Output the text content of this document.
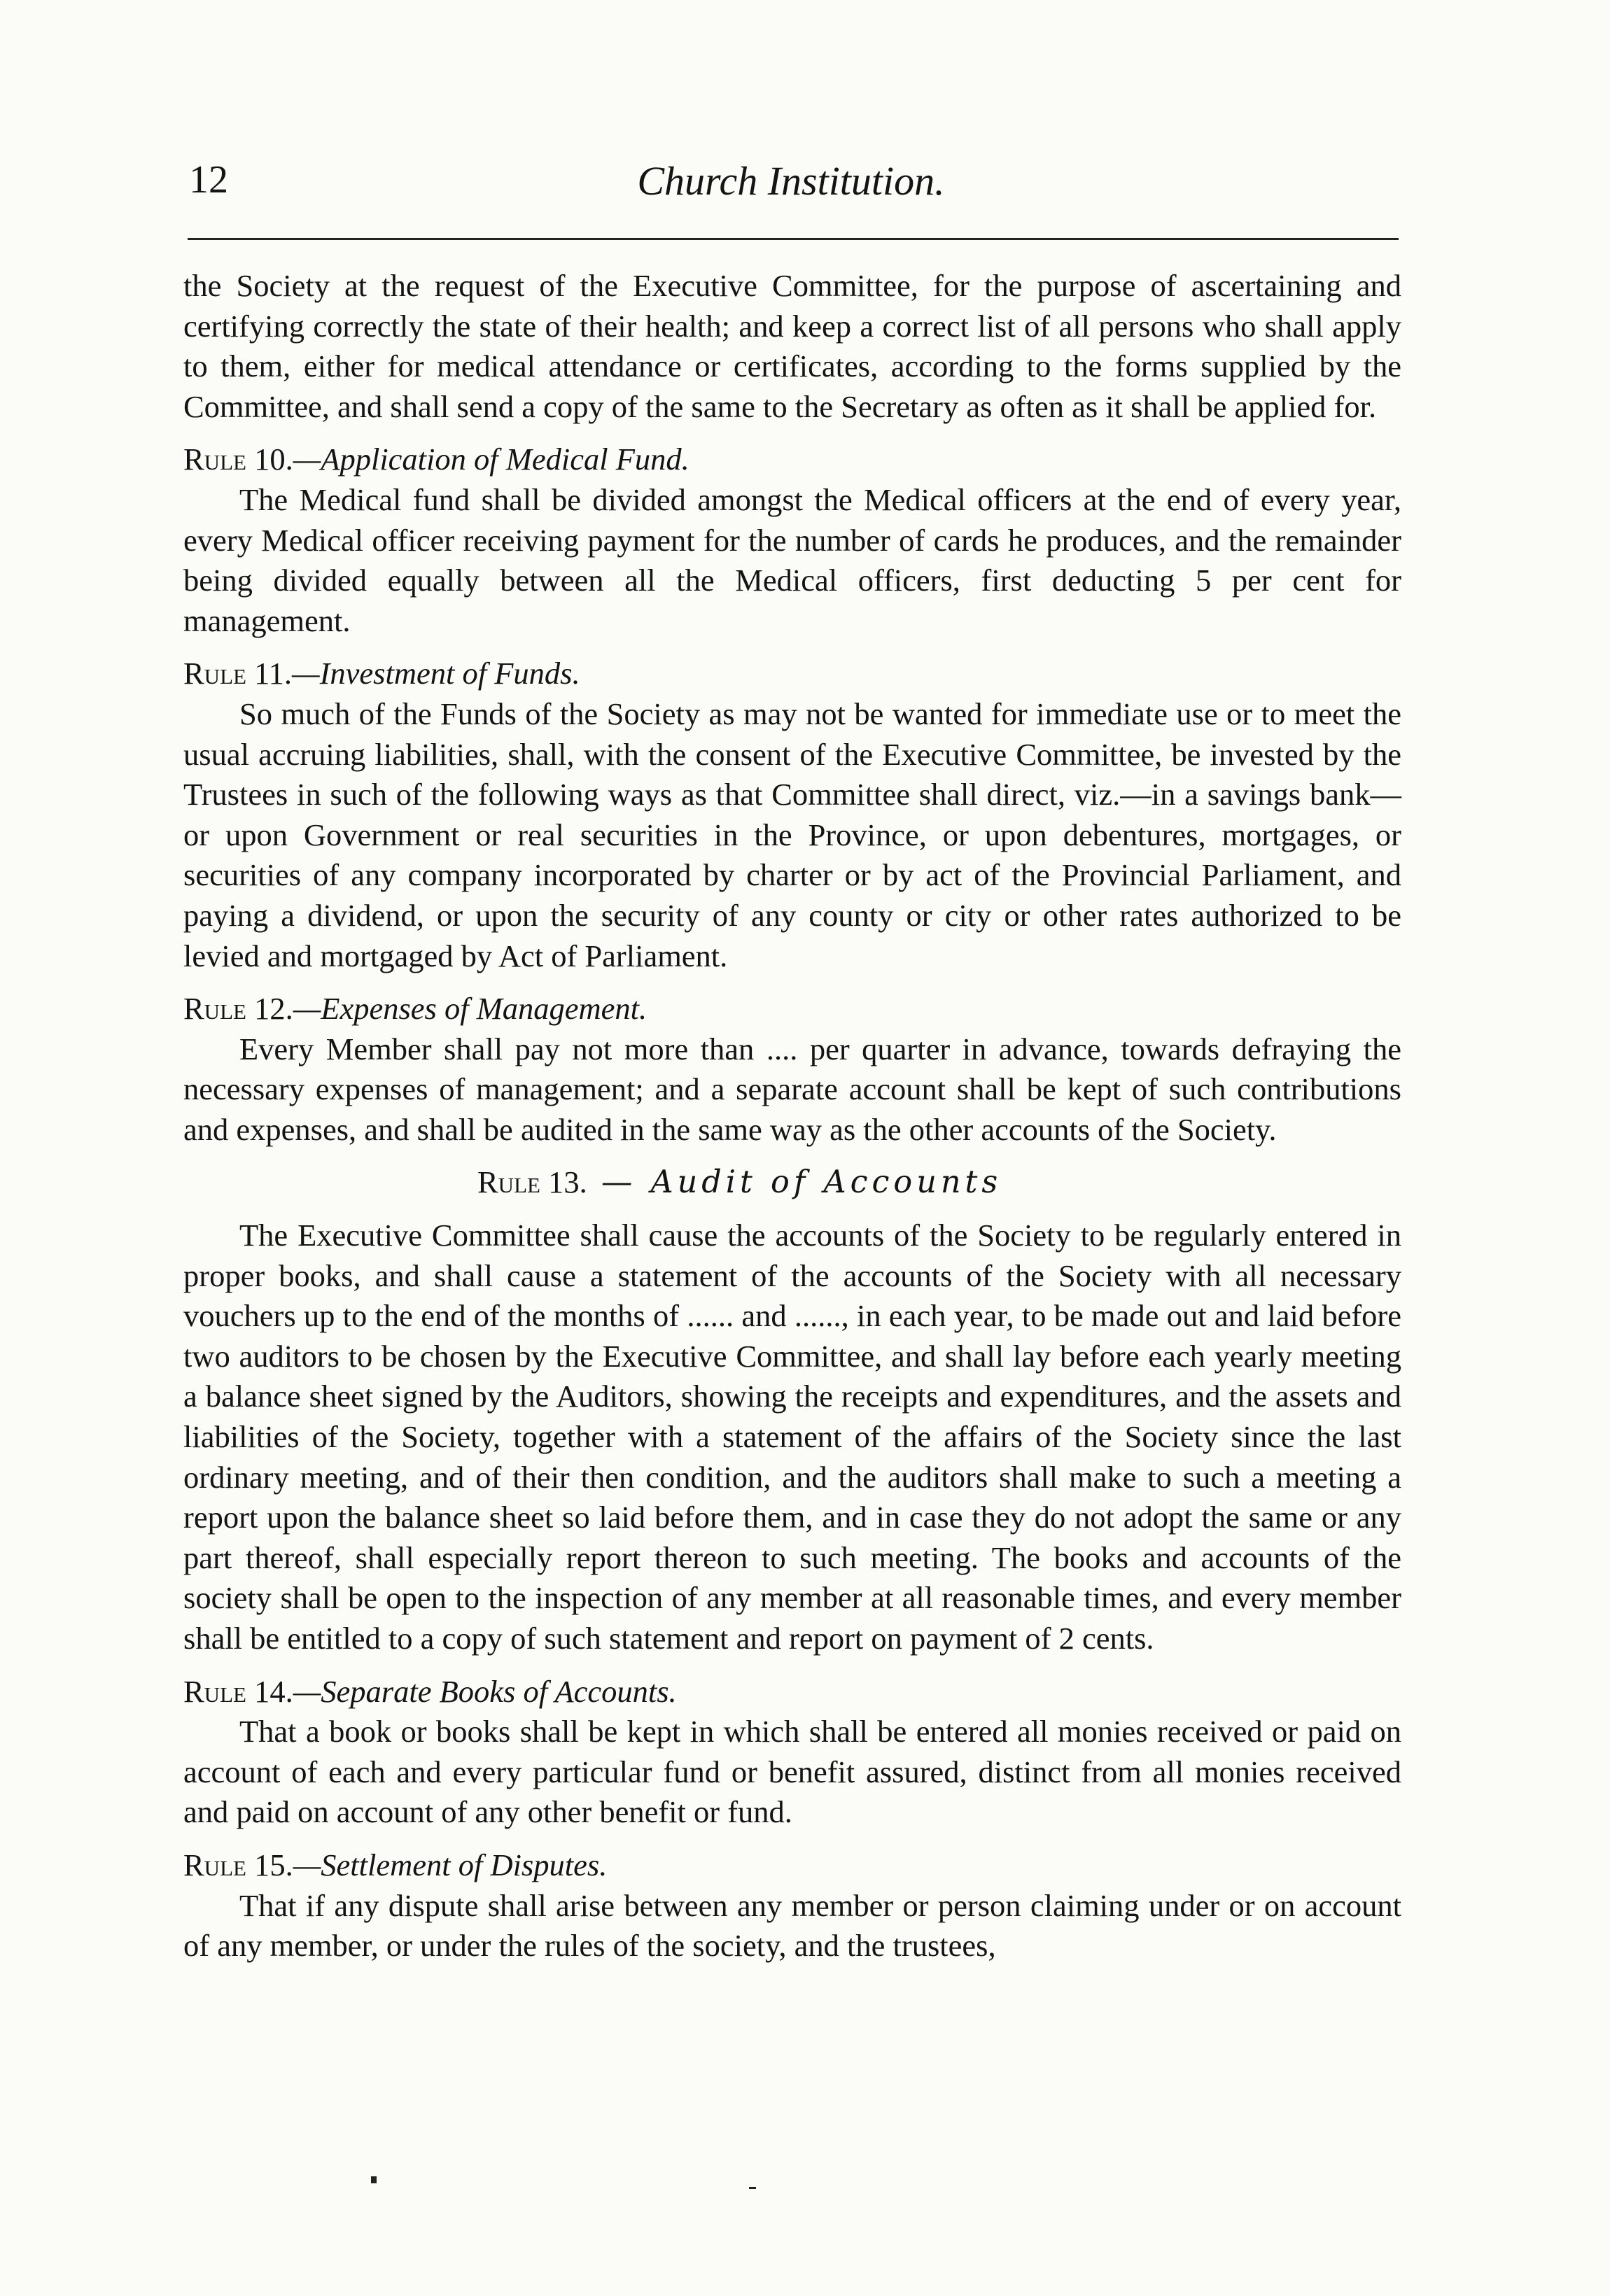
12	Church Institution.

the Society at the request of the Executive Committee, for the purpose of ascertaining and certifying correctly the state of their health; and keep a correct list of all persons who shall apply to them, either for medical attendance or certificates, according to the forms supplied by the Committee, and shall send a copy of the same to the Secretary as often as it shall be applied for.

Rule 10.—Application of Medical Fund.

The Medical fund shall be divided amongst the Medical officers at the end of every year, every Medical officer receiving payment for the number of cards he produces, and the remainder being divided equally between all the Medical officers, first deducting 5 per cent for management.

Rule 11.—Investment of Funds.

So much of the Funds of the Society as may not be wanted for immediate use or to meet the usual accruing liabilities, shall, with the consent of the Executive Committee, be invested by the Trustees in such of the following ways as that Committee shall direct, viz.—in a savings bank—or upon Government or real securities in the Province, or upon debentures, mortgages, or securities of any company incorporated by charter or by act of the Provincial Parliament, and paying a dividend, or upon the security of any county or city or other rates authorized to be levied and mortgaged by Act of Parliament.

Rule 12.—Expenses of Management.

Every Member shall pay not more than .... per quarter in advance, towards defraying the necessary expenses of management; and a separate account shall be kept of such contributions and expenses, and shall be audited in the same way as the other accounts of the Society.

Rule 13. — Audit of Accounts

The Executive Committee shall cause the accounts of the Society to be regularly entered in proper books, and shall cause a statement of the accounts of the Society with all necessary vouchers up to the end of the months of ...... and ......, in each year, to be made out and laid before two auditors to be chosen by the Executive Committee, and shall lay before each yearly meeting a balance sheet signed by the Auditors, showing the receipts and expenditures, and the assets and liabilities of the Society, together with a statement of the affairs of the Society since the last ordinary meeting, and of their then condition, and the auditors shall make to such a meeting a report upon the balance sheet so laid before them, and in case they do not adopt the same or any part thereof, shall especially report thereon to such meeting. The books and accounts of the society shall be open to the inspection of any member at all reasonable times, and every member shall be entitled to a copy of such statement and report on payment of 2 cents.

Rule 14.—Separate Books of Accounts.

That a book or books shall be kept in which shall be entered all monies received or paid on account of each and every particular fund or benefit assured, distinct from all monies received and paid on account of any other benefit or fund.

Rule 15.—Settlement of Disputes.

That if any dispute shall arise between any member or person claiming under or on account of any member, or under the rules of the society, and the trustees,
